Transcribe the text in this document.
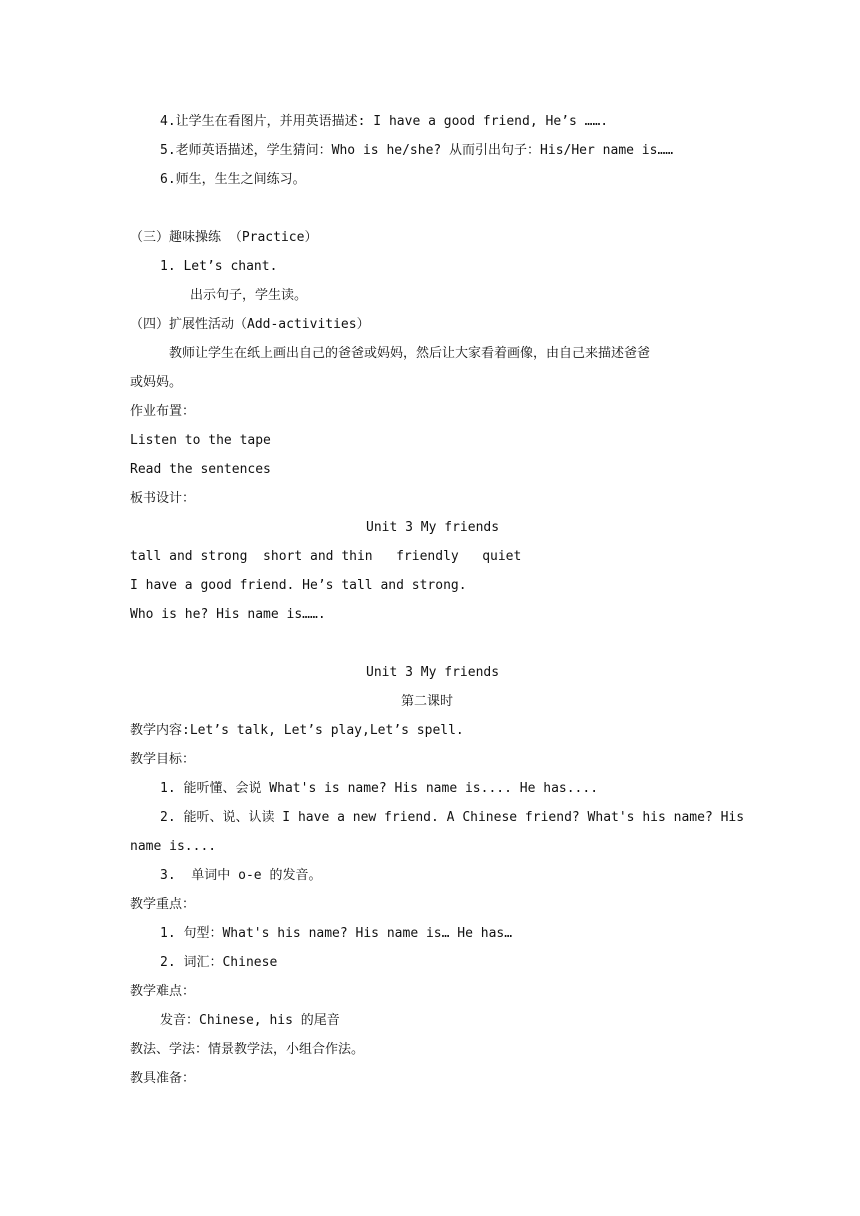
4.让学生在看图片，并用英语描述: I have a good friend, He’s …….
5.老师英语描述，学生猜问：Who is he/she? 从而引出句子：His/Her name is……
6.师生，生生之间练习。
（三）趣味操练 （Practice）
1. Let’s chant.
出示句子，学生读。
（四）扩展性活动（Add-activities）
教师让学生在纸上画出自己的爸爸或妈妈，然后让大家看着画像，由自己来描述爸爸
或妈妈。
作业布置：
Listen to the tape
Read the sentences
板书设计：
Unit 3 My friends
tall and strong  short and thin   friendly   quiet
I have a good friend. He’s tall and strong.
Who is he? His name is…….
Unit 3 My friends
第二课时
教学内容:Let’s talk, Let’s play,Let’s spell.
教学目标：
1. 能听懂、会说 What's is name? His name is.... He has....
2. 能听、说、认读 I have a new friend. A Chinese friend? What's his name? His
name is....
3.  单词中 o-e 的发音。
教学重点：
1. 句型：What's his name? His name is… He has…
2. 词汇：Chinese
教学难点：
发音：Chinese, his 的尾音
教法、学法：情景教学法，小组合作法。
教具准备：
